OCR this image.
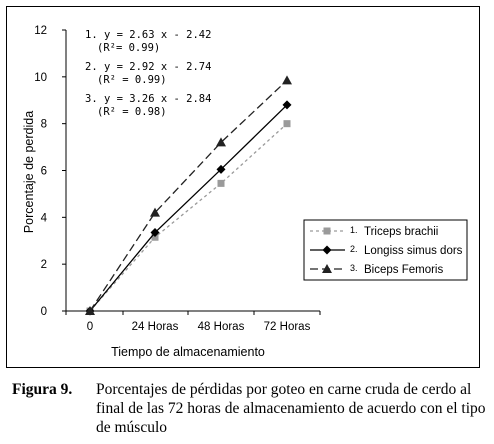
0
2
4
6
8
10
12
0	24 Horas 48 Horas 72 Horas
Porcentaje de perdida
Tiempo de almacenamiento
1. y = 2.63 x - 2.42
(R²= 0.99)
2. y = 2.92 x - 2.74
(R² = 0.99)
3. y = 3.26 x - 2.84
(R² = 0.98)
1. Triceps brachii
2. Longiss simus dors
3. Biceps Femoris
Figura 9. Porcentajes de pérdidas por goteo en carne cruda de cerdo al final de las 72 horas de almacenamiento de acuerdo con el tipo de músculo
